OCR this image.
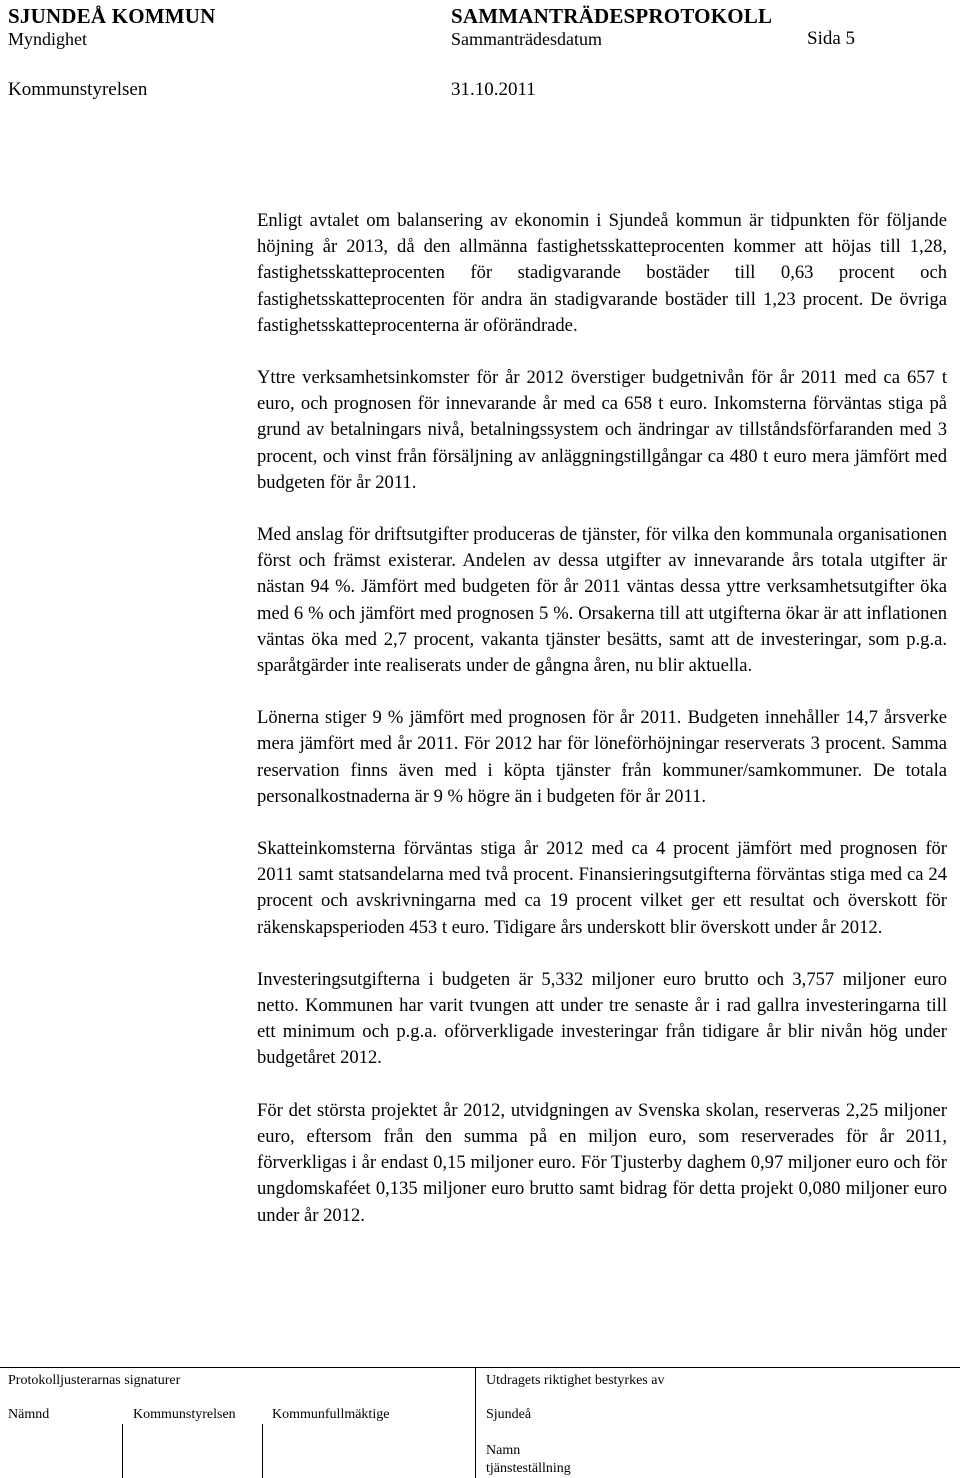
SJUNDEÅ KOMMUN	SAMMANTRÄDESPROTOKOLL
Myndighet	Sammanträdesdatum	Sida 5
Kommunstyrelsen	31.10.2011

Enligt avtalet om balansering av ekonomin i Sjundeå kommun är tidpunkten för följande höjning år 2013, då den allmänna fastighetsskatteprocenten kommer att höjas till 1,28, fastighetsskatteprocenten för stadigvarande bostäder till 0,63 procent och fastighetsskatteprocenten för andra än stadigvarande bostäder till 1,23 procent. De övriga fastighetsskatteprocenterna är oförändrade.

Yttre verksamhetsinkomster för år 2012 överstiger budgetnivån för år 2011 med ca 657 t euro, och prognosen för innevarande år med ca 658 t euro. Inkomsterna förväntas stiga på grund av betalningars nivå, betalningssystem och ändringar av tillståndsförfaranden med 3 procent, och vinst från försäljning av anläggningstillgångar ca 480 t euro mera jämfört med budgeten för år 2011.

Med anslag för driftsutgifter produceras de tjänster, för vilka den kommunala organisationen först och främst existerar. Andelen av dessa utgifter av innevarande års totala utgifter är nästan 94 %. Jämfört med budgeten för år 2011 väntas dessa yttre verksamhetsutgifter öka med 6 % och jämfört med prognosen 5 %. Orsakerna till att utgifterna ökar är att inflationen väntas öka med 2,7 procent, vakanta tjänster besätts, samt att de investeringar, som p.g.a. sparåtgärder inte realiserats under de gångna åren, nu blir aktuella.

Lönerna stiger 9 % jämfört med prognosen för år 2011. Budgeten innehåller 14,7 årsverke mera jämfört med år 2011. För 2012 har för löneförhöjningar reserverats 3 procent. Samma reservation finns även med i köpta tjänster från kommuner/samkommuner. De totala personalkostnaderna är 9 % högre än i budgeten för år 2011.

Skatteinkomsterna förväntas stiga år 2012 med ca 4 procent jämfört med prognosen för 2011 samt statsandelarna med två procent. Finansieringsutgifterna förväntas stiga med ca 24 procent och avskrivningarna med ca 19 procent vilket ger ett resultat och överskott för räkenskapsperioden 453 t euro. Tidigare års underskott blir överskott under år 2012.

Investeringsutgifterna i budgeten är 5,332 miljoner euro brutto och 3,757 miljoner euro netto. Kommunen har varit tvungen att under tre senaste år i rad gallra investeringarna till ett minimum och p.g.a. oförverkligade investeringar från tidigare år blir nivån hög under budgetåret 2012.

För det största projektet år 2012, utvidgningen av Svenska skolan, reserveras 2,25 miljoner euro, eftersom från den summa på en miljon euro, som reserverades för år 2011, förverkligas i år endast 0,15 miljoner euro. För Tjusterby daghem 0,97 miljoner euro och för ungdomskaféet 0,135 miljoner euro brutto samt bidrag för detta projekt 0,080 miljoner euro under år 2012.

Protokolljusterarnas signaturer	Utdragets riktighet bestyrkes av
Nämnd	Kommunstyrelsen	Kommunfullmäktige	Sjundeå
Namn
tjänsteställning
